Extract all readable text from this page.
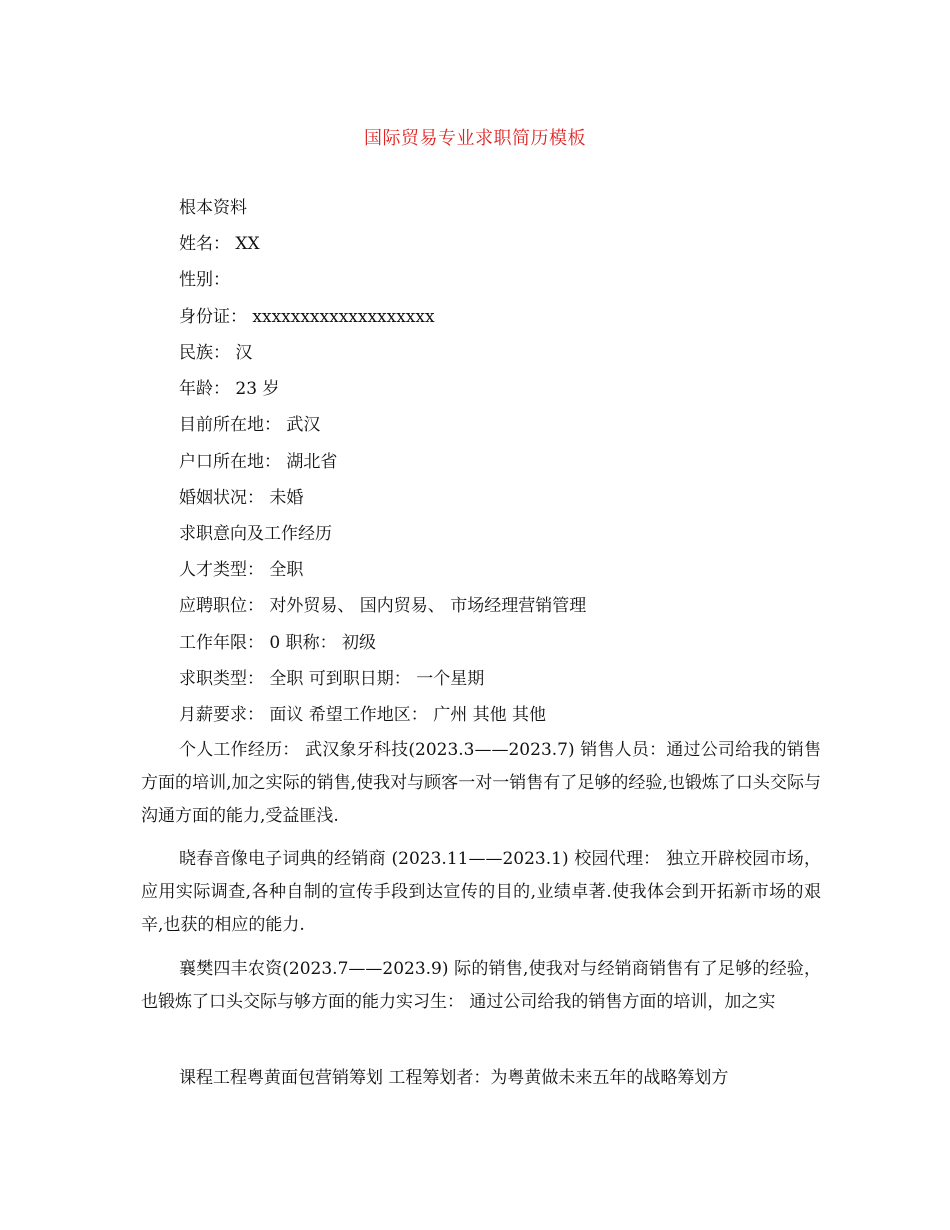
国际贸易专业求职简历模板
根本资料
姓名： XX
性别：
身份证： xxxxxxxxxxxxxxxxxxx
民族： 汉
年龄： 23 岁
目前所在地： 武汉
户口所在地： 湖北省
婚姻状况： 未婚
求职意向及工作经历
人才类型： 全职
应聘职位： 对外贸易、 国内贸易、 市场经理营销管理
工作年限： 0 职称： 初级
求职类型： 全职 可到职日期： 一个星期
月薪要求： 面议 希望工作地区： 广州 其他 其他
个人工作经历： 武汉象牙科技(2023.3——2023.7) 销售人员：通过公司给我的销售方面的培训,加之实际的销售,使我对与顾客一对一销售有了足够的经验,也锻炼了口头交际与沟通方面的能力,受益匪浅.
晓春音像电子词典的经销商 (2023.11——2023.1) 校园代理： 独立开辟校园市场，应用实际调查,各种自制的宣传手段到达宣传的目的,业绩卓著.使我体会到开拓新市场的艰辛,也获的相应的能力.
襄樊四丰农资(2023.7——2023.9) 际的销售,使我对与经销商销售有了足够的经验，也锻炼了口头交际与够方面的能力实习生： 通过公司给我的销售方面的培训，加之实
课程工程粤黄面包营销筹划 工程筹划者：为粤黄做未来五年的战略筹划方
